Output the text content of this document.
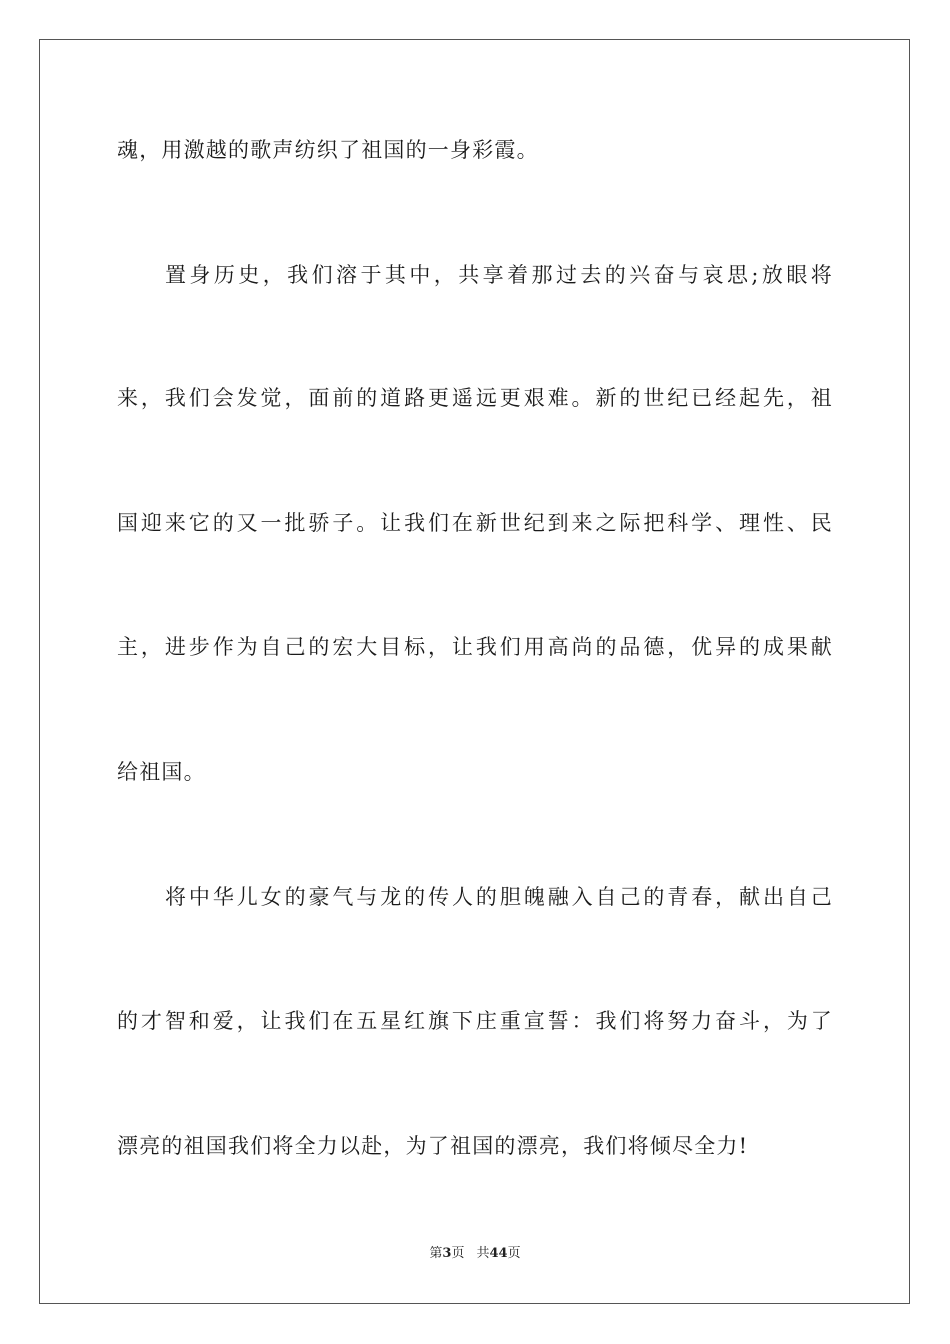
魂，用激越的歌声纺织了祖国的一身彩霞。
置身历史，我们溶于其中，共享着那过去的兴奋与哀思;放眼将
来，我们会发觉，面前的道路更遥远更艰难。新的世纪已经起先，祖
国迎来它的又一批骄子。让我们在新世纪到来之际把科学、理性、民
主，进步作为自己的宏大目标，让我们用高尚的品德，优异的成果献
给祖国。
将中华儿女的豪气与龙的传人的胆魄融入自己的青春，献出自己
的才智和爱，让我们在五星红旗下庄重宣誓：我们将努力奋斗，为了
漂亮的祖国我们将全力以赴，为了祖国的漂亮，我们将倾尽全力!
第3页 共44页
